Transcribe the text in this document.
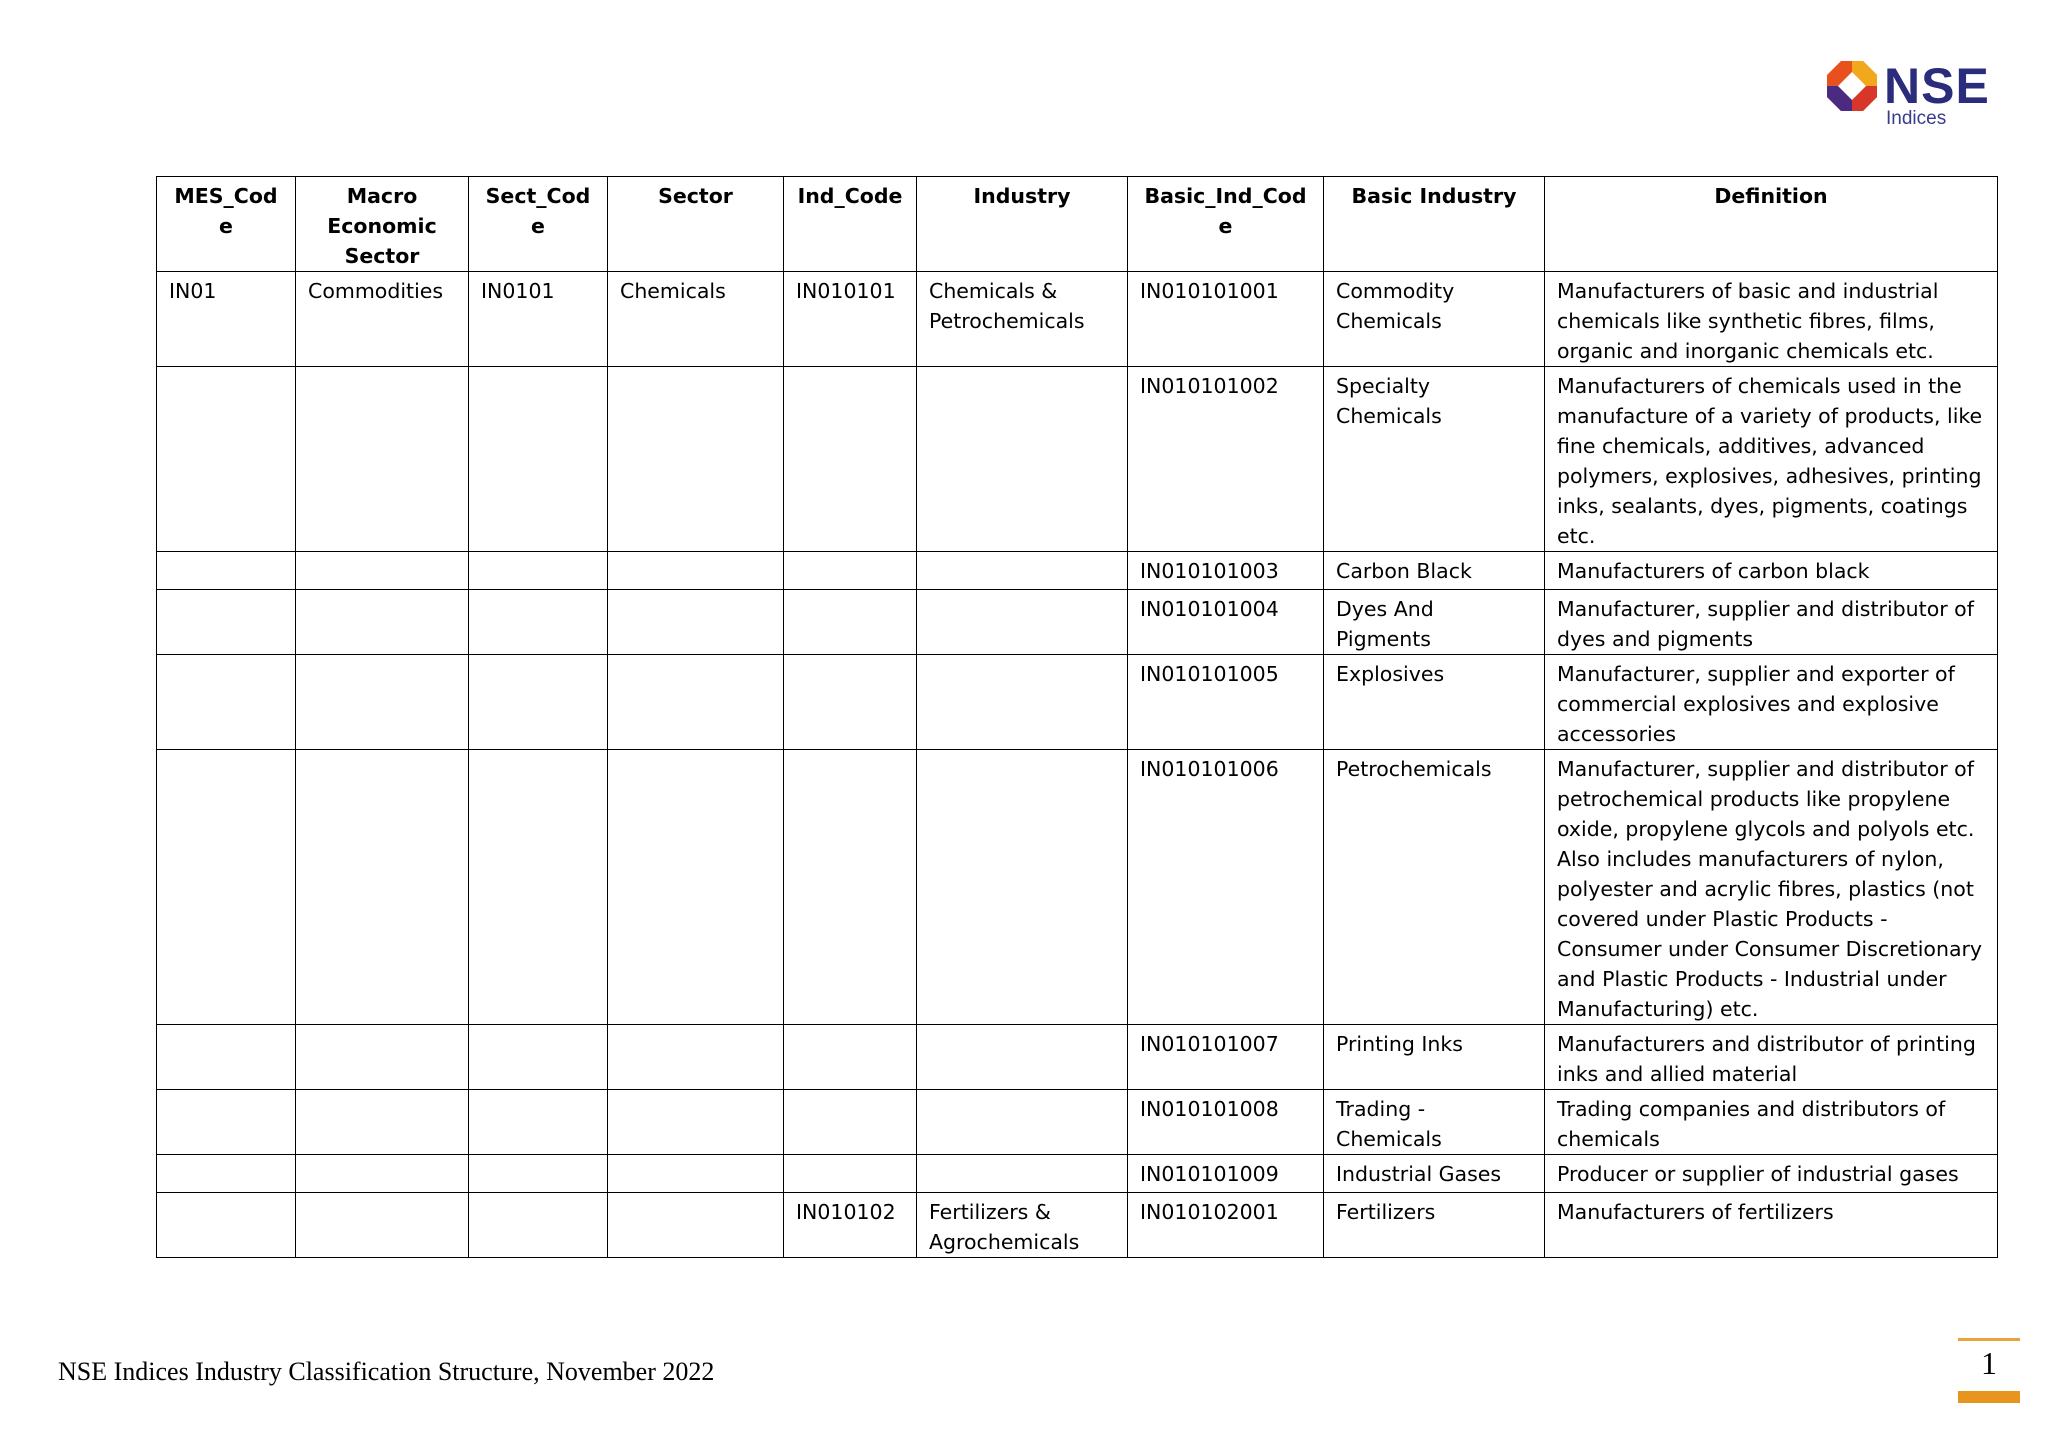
NSE
Indices
MES_Code	Macro Economic Sector	Sect_Code	Sector	Ind_Code	Industry	Basic_Ind_Code	Basic Industry	Definition
IN01	Commodities	IN0101	Chemicals	IN010101	Chemicals & Petrochemicals	IN010101001	Commodity Chemicals	Manufacturers of basic and industrial chemicals like synthetic fibres, films, organic and inorganic chemicals etc.
						IN010101002	Specialty Chemicals	Manufacturers of chemicals used in the manufacture of a variety of products, like fine chemicals, additives, advanced polymers, explosives, adhesives, printing inks, sealants, dyes, pigments, coatings etc.
						IN010101003	Carbon Black	Manufacturers of carbon black
						IN010101004	Dyes And Pigments	Manufacturer, supplier and distributor of dyes and pigments
						IN010101005	Explosives	Manufacturer, supplier and exporter of commercial explosives and explosive accessories
						IN010101006	Petrochemicals	Manufacturer, supplier and distributor of petrochemical products like propylene oxide, propylene glycols and polyols etc. Also includes manufacturers of nylon, polyester and acrylic fibres, plastics (not covered under Plastic Products - Consumer under Consumer Discretionary and Plastic Products - Industrial under Manufacturing) etc.
						IN010101007	Printing Inks	Manufacturers and distributor of printing inks and allied material
						IN010101008	Trading - Chemicals	Trading companies and distributors of chemicals
						IN010101009	Industrial Gases	Producer or supplier of industrial gases
				IN010102	Fertilizers & Agrochemicals	IN010102001	Fertilizers	Manufacturers of fertilizers
NSE Indices Industry Classification Structure, November 2022	1
